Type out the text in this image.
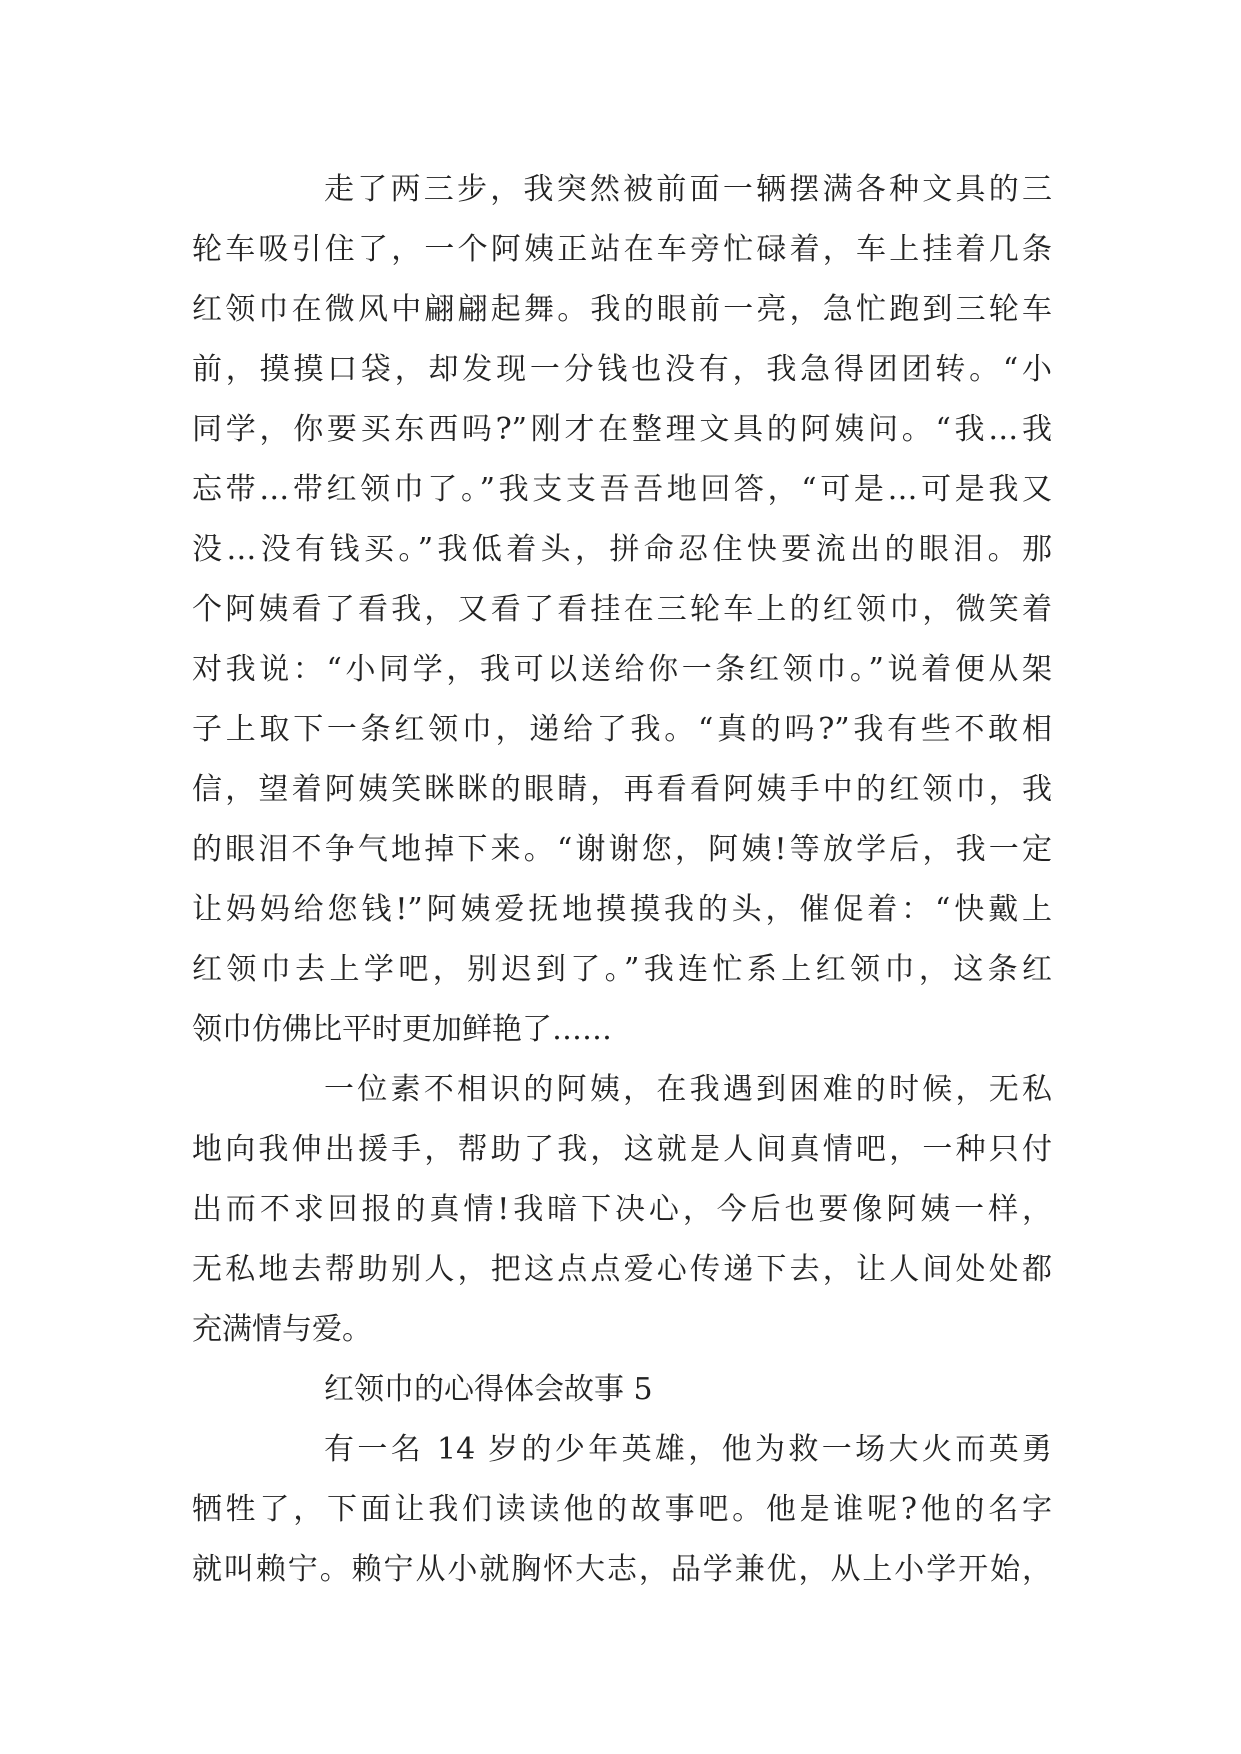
走了两三步，我突然被前面一辆摆满各种文具的三
轮车吸引住了，一个阿姨正站在车旁忙碌着，车上挂着几条
红领巾在微风中翩翩起舞。我的眼前一亮，急忙跑到三轮车
前，摸摸口袋，却发现一分钱也没有，我急得团团转。“小
同学，你要买东西吗?”刚才在整理文具的阿姨问。“我…我
忘带…带红领巾了。”我支支吾吾地回答，“可是…可是我又
没…没有钱买。”我低着头，拼命忍住快要流出的眼泪。那
个阿姨看了看我，又看了看挂在三轮车上的红领巾，微笑着
对我说：“小同学，我可以送给你一条红领巾。”说着便从架
子上取下一条红领巾，递给了我。“真的吗?”我有些不敢相
信，望着阿姨笑眯眯的眼睛，再看看阿姨手中的红领巾，我
的眼泪不争气地掉下来。“谢谢您，阿姨!等放学后，我一定
让妈妈给您钱!”阿姨爱抚地摸摸我的头，催促着：“快戴上
红领巾去上学吧，别迟到了。”我连忙系上红领巾，这条红
领巾仿佛比平时更加鲜艳了……
一位素不相识的阿姨，在我遇到困难的时候，无私
地向我伸出援手，帮助了我，这就是人间真情吧，一种只付
出而不求回报的真情!我暗下决心，今后也要像阿姨一样，
无私地去帮助别人，把这点点爱心传递下去，让人间处处都
充满情与爱。
红领巾的心得体会故事 5
有一名 14 岁的少年英雄，他为救一场大火而英勇
牺牲了，下面让我们读读他的故事吧。他是谁呢?他的名字
就叫赖宁。赖宁从小就胸怀大志，品学兼优，从上小学开始，
